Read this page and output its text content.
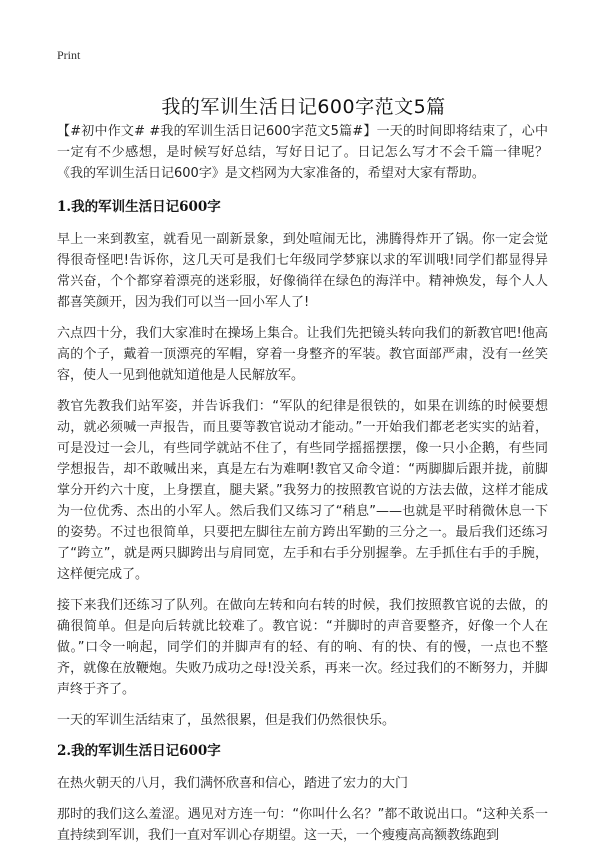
Print
我的军训生活日记600字范文5篇

【#初中作文# #我的军训生活日记600字范文5篇#】一天的时间即将结束了，心中一定有不少感想，是时候写好总结，写好日记了。日记怎么写才不会千篇一律呢？《我的军训生活日记600字》是文档网为大家准备的，希望对大家有帮助。

1.我的军训生活日记600字

早上一来到教室，就看见一副新景象，到处喧闹无比，沸腾得炸开了锅。你一定会觉得很奇怪吧!告诉你，这几天可是我们七年级同学梦寐以求的军训哦!同学们都显得异常兴奋，个个都穿着漂亮的迷彩服，好像徜徉在绿色的海洋中。精神焕发，每个人人都喜笑颜开，因为我们可以当一回小军人了!

六点四十分，我们大家准时在操场上集合。让我们先把镜头转向我们的新教官吧!他高高的个子，戴着一顶漂亮的军帽，穿着一身整齐的军装。教官面部严肃，没有一丝笑容，使人一见到他就知道他是人民解放军。

教官先教我们站军姿，并告诉我们：“军队的纪律是很铁的，如果在训练的时候要想动，就必须喊一声报告，而且要等教官说动才能动。”一开始我们都老老实实的站着，可是没过一会儿，有些同学就站不住了，有些同学摇摇摆摆，像一只小企鹅，有些同学想报告，却不敢喊出来，真是左右为难啊!教官又命令道：“两脚脚后跟并拢，前脚掌分开约六十度，上身摆直，腿夫紧。”我努力的按照教官说的方法去做，这样才能成为一位优秀、杰出的小军人。然后我们又练习了“稍息”——也就是平时稍微休息一下的姿势。不过也很简单，只要把左脚往左前方跨出军勤的三分之一。最后我们还练习了“跨立”，就是两只脚跨出与肩同宽，左手和右手分别握拳。左手抓住右手的手腕，这样便完成了。

接下来我们还练习了队列。在做向左转和向右转的时候，我们按照教官说的去做，的确很简单。但是向后转就比较难了。教官说：“并脚时的声音要整齐，好像一个人在做。”口令一响起，同学们的并脚声有的轻、有的响、有的快、有的慢，一点也不整齐，就像在放鞭炮。失败乃成功之母!没关系，再来一次。经过我们的不断努力，并脚声终于齐了。

一天的军训生活结束了，虽然很累，但是我们仍然很快乐。

2.我的军训生活日记600字

在热火朝天的八月，我们满怀欣喜和信心，踏进了宏力的大门

那时的我们这么羞涩。遇见对方连一句：“你叫什么名？”都不敢说出口。“这种关系一直持续到军训，我们一直对军训心存期望。这一天，一个瘦瘦高高额教练跑到
